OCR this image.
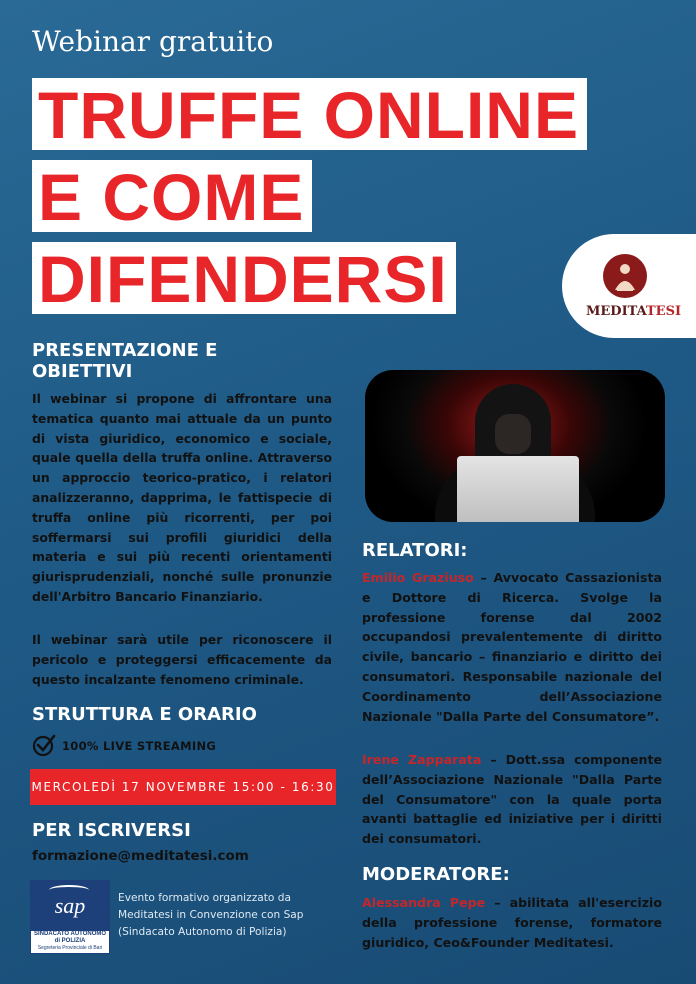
Webinar gratuito
TRUFFE ONLINE
E COME
DIFENDERSI	MEDITATESI
PRESENTAZIONE E
OBIETTIVI

Il webinar si propone di affrontare una tematica quanto mai attuale da un punto di vista giuridico, economico e sociale, quale quella della truffa online. Attraverso un approccio teorico-pratico, i relatori analizzeranno, dapprima, le fattispecie di truffa online più ricorrenti, per poi soffermarsi sui profili giuridici della materia e sui più recenti orientamenti giurisprudenziali, nonché sulle pronunzie dell'Arbitro Bancario Finanziario.

Il webinar sarà utile per riconoscere il pericolo e proteggersi efficacemente da questo incalzante fenomeno criminale.

STRUTTURA E ORARIO
100% LIVE STREAMING
MERCOLEDÌ 17 NOVEMBRE 15:00 - 16:30
PER ISCRIVERSI
formazione@meditatesi.com
sap
SINDACATO AUTONOMO di POLIZIA
Segreteria Provinciale di Bari
Evento formativo organizzato da Meditatesi in Convenzione con Sap (Sindacato Autonomo di Polizia)
RELATORI:

Emilio Graziuso – Avvocato Cassazionista e Dottore di Ricerca. Svolge la professione forense dal 2002 occupandosi prevalentemente di diritto civile, bancario – finanziario e diritto dei consumatori. Responsabile nazionale del Coordinamento dell’Associazione Nazionale "Dalla Parte del Consumatore”.

Irene Zapparata – Dott.ssa componente dell’Associazione Nazionale "Dalla Parte del Consumatore" con la quale porta avanti battaglie ed iniziative per i diritti dei consumatori.

MODERATORE:

Alessandra Pepe – abilitata all'esercizio della professione forense, formatore giuridico, Ceo&Founder Meditatesi.
